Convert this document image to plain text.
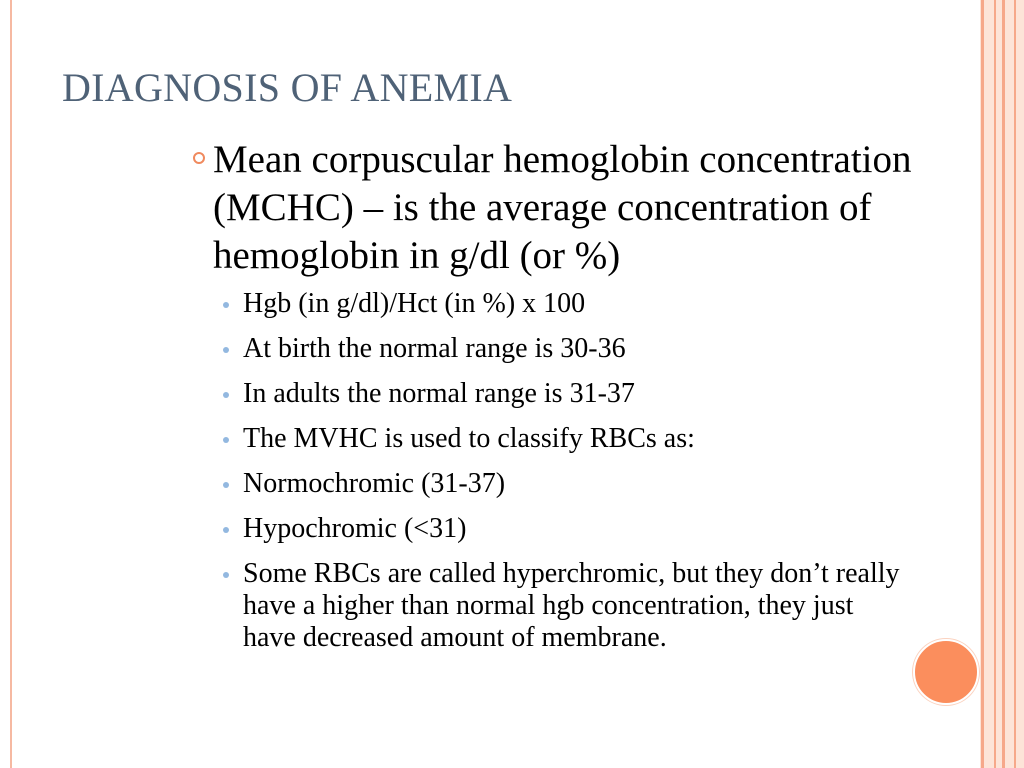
DIAGNOSIS OF ANEMIA

Mean corpuscular hemoglobin concentration (MCHC) – is the average concentration of hemoglobin in g/dl (or %)

Hgb (in g/dl)/Hct (in %) x 100
At birth the normal range is 30-36
In adults the normal range is 31-37
The MVHC is used to classify RBCs as:
Normochromic (31-37)
Hypochromic (<31)
Some RBCs are called hyperchromic, but they don’t really have a higher than normal hgb concentration, they just have decreased amount of membrane.
